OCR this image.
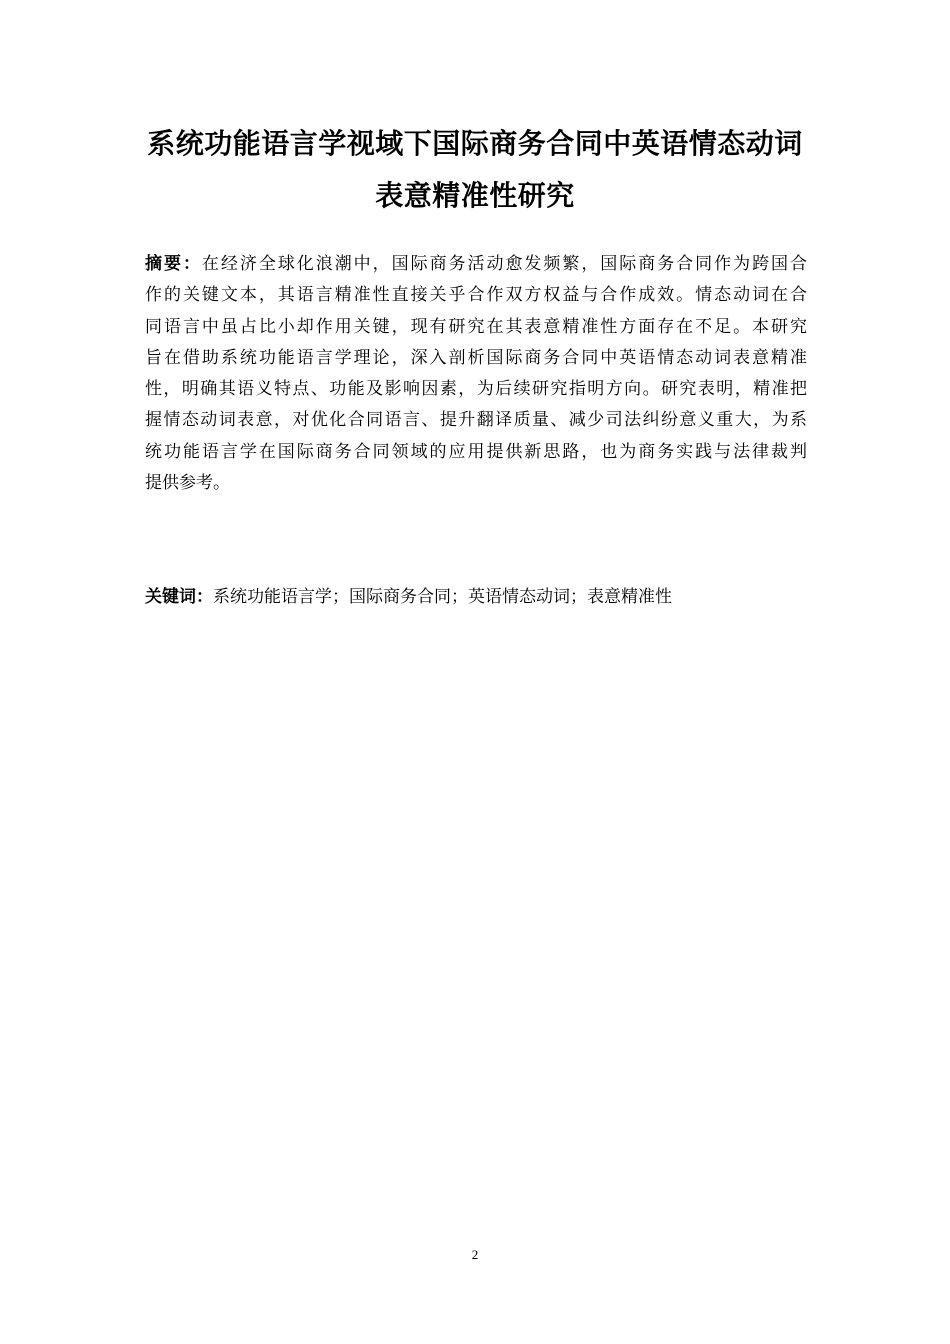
系统功能语言学视域下国际商务合同中英语情态动词
表意精准性研究
摘要：在经济全球化浪潮中，国际商务活动愈发频繁，国际商务合同作为跨国合
作的关键文本，其语言精准性直接关乎合作双方权益与合作成效。情态动词在合
同语言中虽占比小却作用关键，现有研究在其表意精准性方面存在不足。本研究
旨在借助系统功能语言学理论，深入剖析国际商务合同中英语情态动词表意精准
性，明确其语义特点、功能及影响因素，为后续研究指明方向。研究表明，精准把
握情态动词表意，对优化合同语言、提升翻译质量、减少司法纠纷意义重大，为系
统功能语言学在国际商务合同领域的应用提供新思路，也为商务实践与法律裁判
提供参考。
关键词：系统功能语言学；国际商务合同；英语情态动词；表意精准性
2
